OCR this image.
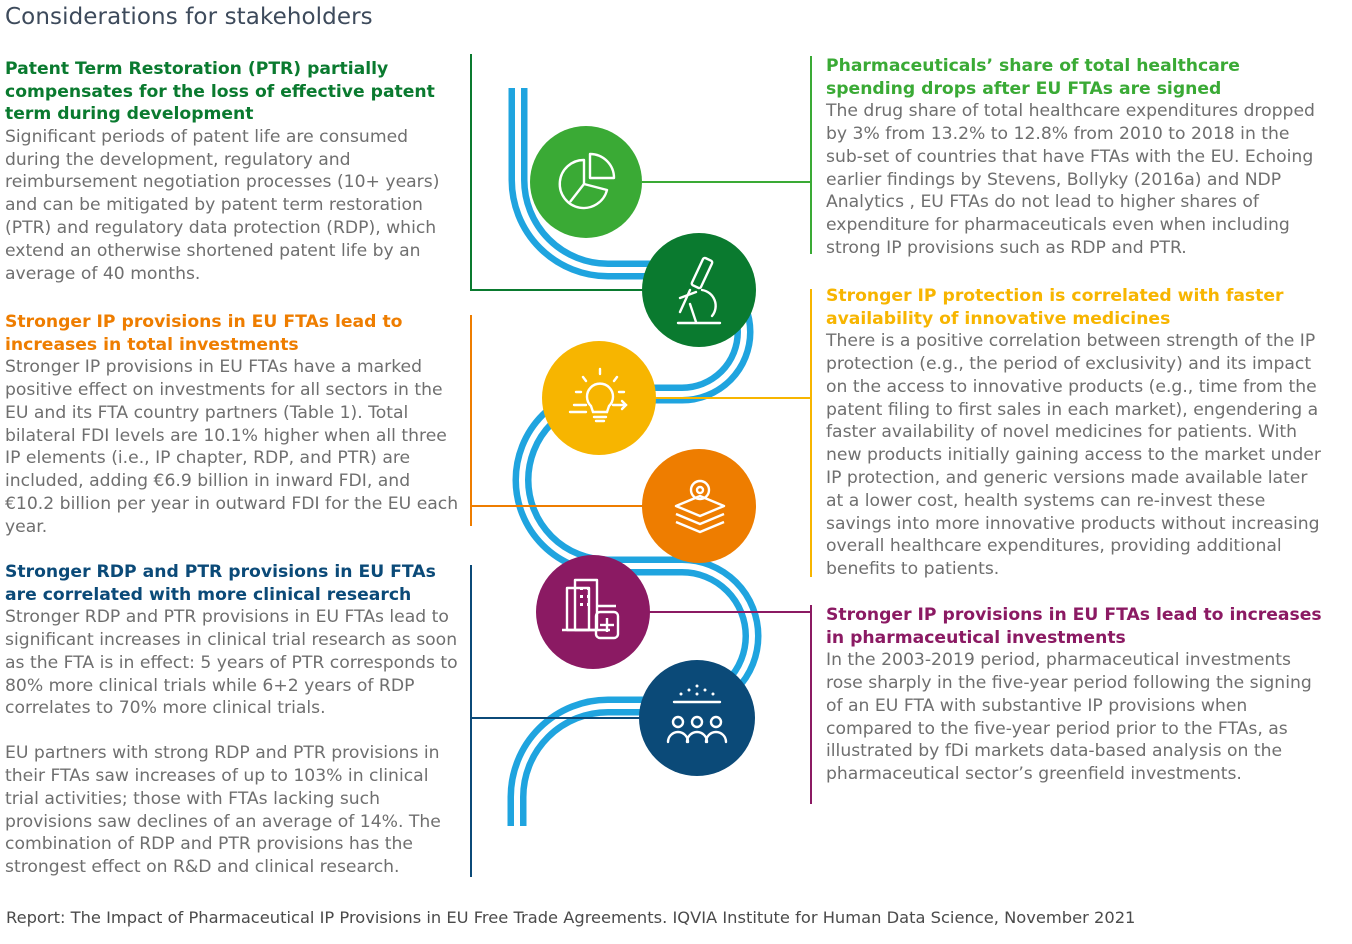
Considerations for stakeholders
Patent Term Restoration (PTR) partially compensates for the loss of effective patent term during development

Significant periods of patent life are consumed during the development, regulatory and reimbursement negotiation processes (10+ years) and can be mitigated by patent term restoration (PTR) and regulatory data protection (RDP), which extend an otherwise shortened patent life by an average of 40 months.

Stronger IP provisions in EU FTAs lead to increases in total investments

Stronger IP provisions in EU FTAs have a marked positive effect on investments for all sectors in the EU and its FTA country partners (Table 1). Total bilateral FDI levels are 10.1% higher when all three IP elements (i.e., IP chapter, RDP, and PTR) are included, adding €6.9 billion in inward FDI, and €10.2 billion per year in outward FDI for the EU each year.

Stronger RDP and PTR provisions in EU FTAs are correlated with more clinical research

Stronger RDP and PTR provisions in EU FTAs lead to significant increases in clinical trial research as soon as the FTA is in effect: 5 years of PTR corresponds to 80% more clinical trials while 6+2 years of RDP correlates to 70% more clinical trials.

EU partners with strong RDP and PTR provisions in their FTAs saw increases of up to 103% in clinical trial activities; those with FTAs lacking such provisions saw declines of an average of 14%. The combination of RDP and PTR provisions has the strongest effect on R&D and clinical research.

Pharmaceuticals’ share of total healthcare spending drops after EU FTAs are signed

The drug share of total healthcare expenditures dropped by 3% from 13.2% to 12.8% from 2010 to 2018 in the sub-set of countries that have FTAs with the EU. Echoing earlier findings by Stevens, Bollyky (2016a) and NDP Analytics , EU FTAs do not lead to higher shares of expenditure for pharmaceuticals even when including strong IP provisions such as RDP and PTR.

Stronger IP protection is correlated with faster availability of innovative medicines

There is a positive correlation between strength of the IP protection (e.g., the period of exclusivity) and its impact on the access to innovative products (e.g., time from the patent filing to first sales in each market), engendering a faster availability of novel medicines for patients. With new products initially gaining access to the market under IP protection, and generic versions made available later at a lower cost, health systems can re-invest these savings into more innovative products without increasing overall healthcare expenditures, providing additional benefits to patients.

Stronger IP provisions in EU FTAs lead to increases in pharmaceutical investments

In the 2003-2019 period, pharmaceutical investments rose sharply in the five-year period following the signing of an EU FTA with substantive IP provisions when compared to the five-year period prior to the FTAs, as illustrated by fDi markets data-based analysis on the pharmaceutical sector’s greenfield investments.

Report: The Impact of Pharmaceutical IP Provisions in EU Free Trade Agreements. IQVIA Institute for Human Data Science, November 2021
